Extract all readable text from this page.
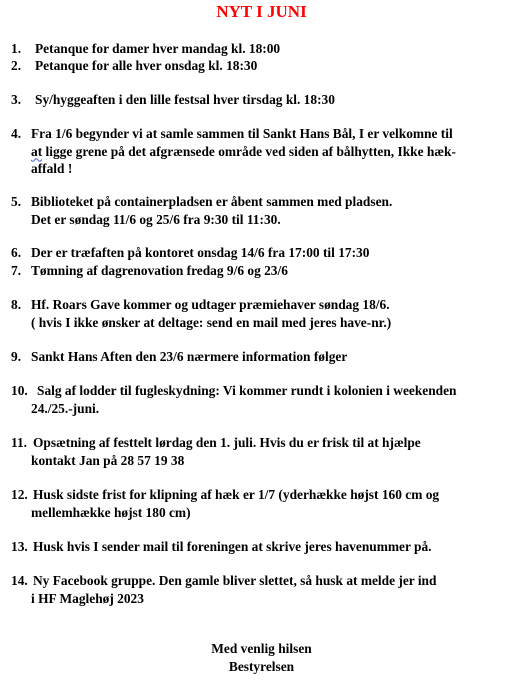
NYT I JUNI
1.	Petanque for damer hver mandag kl. 18:00
2.	Petanque for alle hver onsdag kl. 18:30
3.	Sy/hyggeaften i den lille festsal hver tirsdag kl. 18:30
4. Fra 1/6 begynder vi at samle sammen til Sankt Hans Bål, I er velkomne til
at ligge grene på det afgrænsede område ved siden af bålhytten, Ikke hæk-
affald !
5. Biblioteket på containerpladsen er åbent sammen med pladsen.
Det er søndag 11/6 og 25/6 fra 9:30 til 11:30.
6. Der er træfaften på kontoret onsdag 14/6 fra 17:00 til 17:30
7. Tømning af dagrenovation fredag 9/6 og 23/6
8. Hf. Roars Gave kommer og udtager præmiehaver søndag 18/6.
( hvis I ikke ønsker at deltage: send en mail med jeres have-nr.)
9. Sankt Hans Aften den 23/6 nærmere information følger
10. Salg af lodder til fugleskydning: Vi kommer rundt i kolonien i weekenden
24./25.-juni.
11. Opsætning af festtelt lørdag den 1. juli. Hvis du er frisk til at hjælpe
kontakt Jan på 28 57 19 38
12. Husk sidste frist for klipning af hæk er 1/7 (yderhække højst 160 cm og
mellemhække højst 180 cm)
13. Husk hvis I sender mail til foreningen at skrive jeres havenummer på.
14. Ny Facebook gruppe. Den gamle bliver slettet, så husk at melde jer ind
i HF Maglehøj 2023
Med venlig hilsen
Bestyrelsen
